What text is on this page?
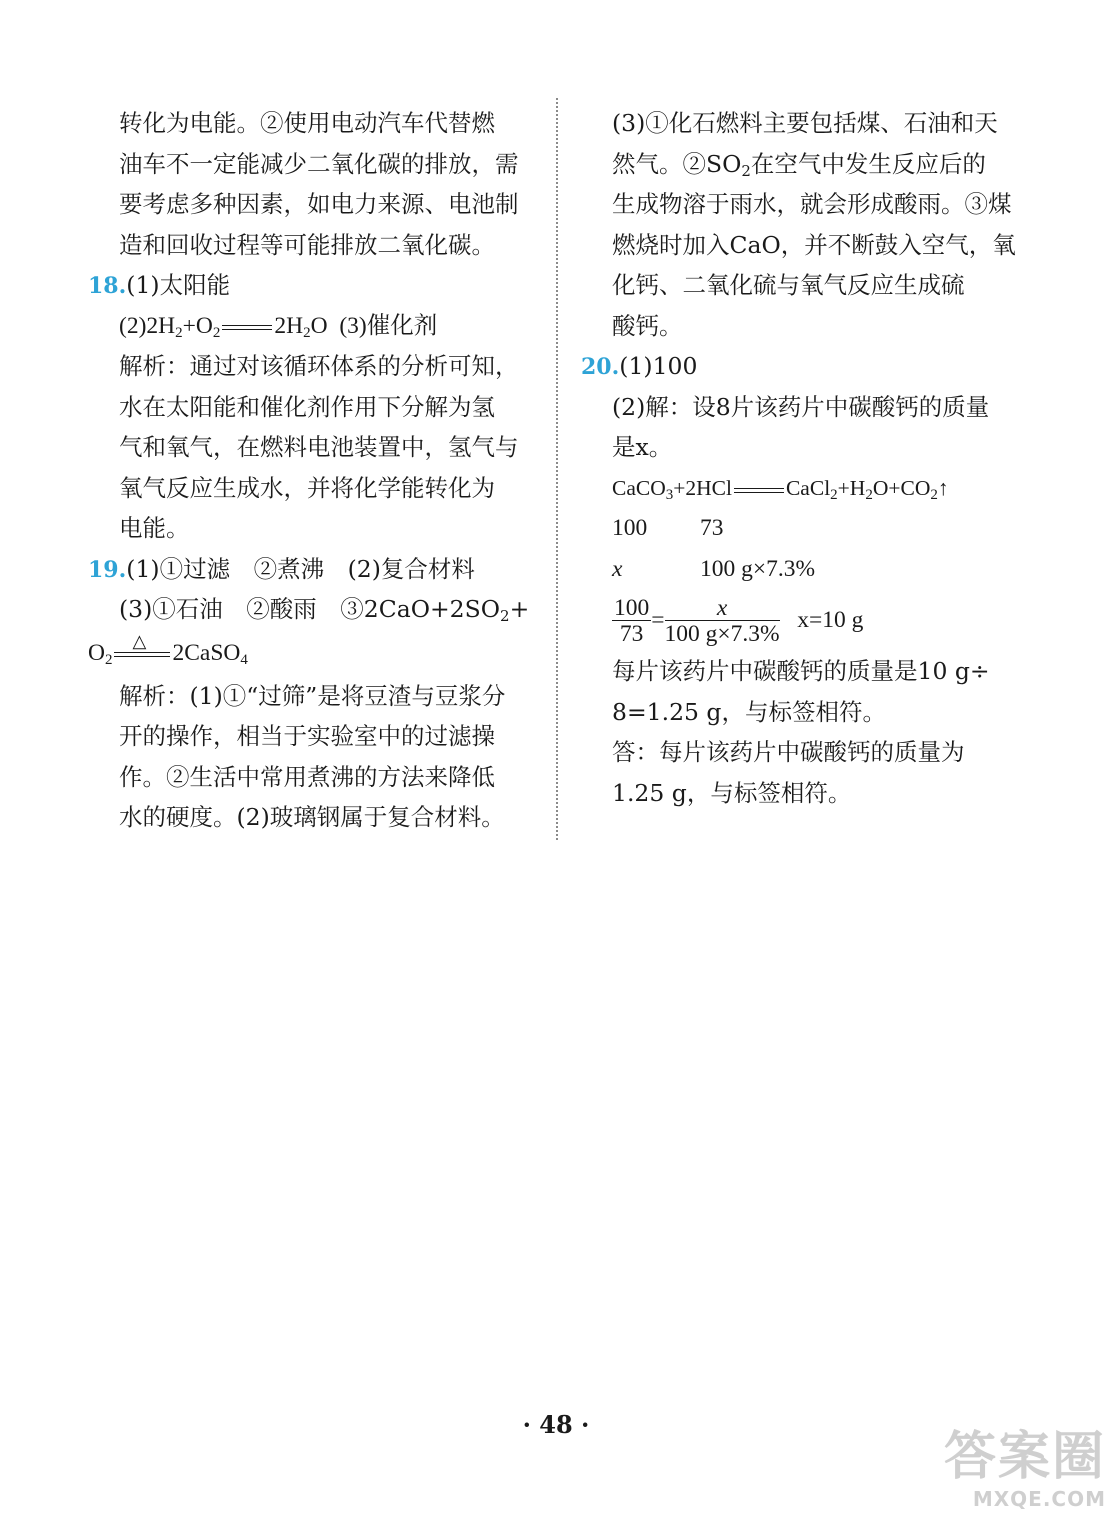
转化为电能。②使用电动汽车代替燃
油车不一定能减少二氧化碳的排放，需
要考虑多种因素，如电力来源、电池制
造和回收过程等可能排放二氧化碳。
18.(1)太阳能
$(2)2H_2+O_2$ $2H_2O$ (3)催化剂
解析：通过对该循环体系的分析可知，
水在太阳能和催化剂作用下分解为氢
气和氧气，在燃料电池装置中，氢气与
氧气反应生成水，并将化学能转化为
电能。
19.(1)①过滤　②煮沸　(2)复合材料
(3)①石油　②酸雨　$③2CaO+2SO_2+$
$O_2$
△ 2CaSO$_4$
解析：(1)①“过筛”是将豆渣与豆浆分
开的操作，相当于实验室中的过滤操
作。②生活中常用煮沸的方法来降低
水的硬度。(2)玻璃钢属于复合材料。
(3)①化石燃料主要包括煤、石油和天
然气。$②SO_2$在空气中发生反应后的
生成物溶于雨水，就会形成酸雨。③煤
燃烧时加入CaO，并不断鼓入空气，氧
化钙、二氧化硫与氧气反应生成硫
酸钙。
20.(1)100
(2)解：设8片该药片中碳酸钙的质量
是x。
CaCO$_3$+2HCl	$CaCl_2+H_2O+CO_2↑$
100 73
x	100 g×7.3%
$\frac{100}{73} = \frac{x}{100 g\times 7.3\%} x=10$ g
每片该药片中碳酸钙的质量是10 g÷
8=1.25 g，与标签相符。
答：每片该药片中碳酸钙的质量为
1.25 g，与标签相符。
· 48 ·
答案圈
MXQE.COM
